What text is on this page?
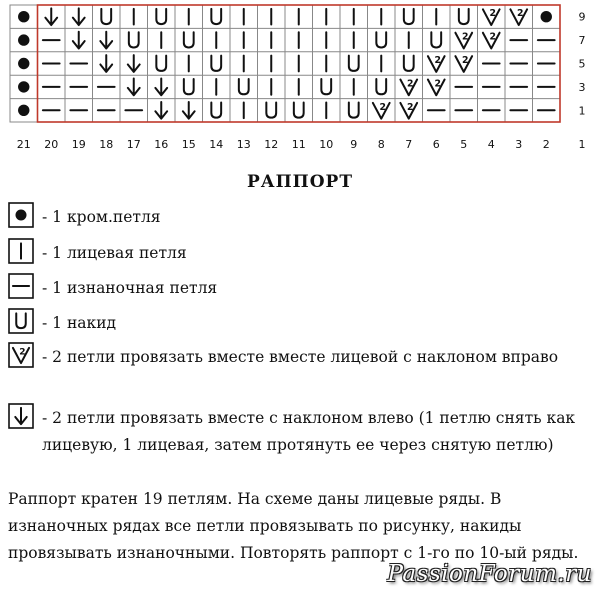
2 2
2 2
2 2
2 2
2 2
9
7
5
3
1
21 20 19 18 17 16 15 14 13 12 11 10 9 8 7 6 5 4 3 2	1
РАППОРТ
- 1 кром.петля
- 1 лицевая петля
- 1 изнаночная петля
- 1 накид
2 - 2 петли провязать вместе вместе лицевой с наклоном вправо
- 2 петли провязать вместе с наклоном влево (1 петлю снять как лицевую, 1 лицевая, затем протянуть ее через снятую петлю)
Раппорт кратен 19 петлям. На схеме даны лицевые ряды. В изнаночных рядах все петли провязывать по рисунку, накиды провязывать изнаночными. Повторять раппорт с 1-го по 10-ый ряды.
PassionForum.ru
